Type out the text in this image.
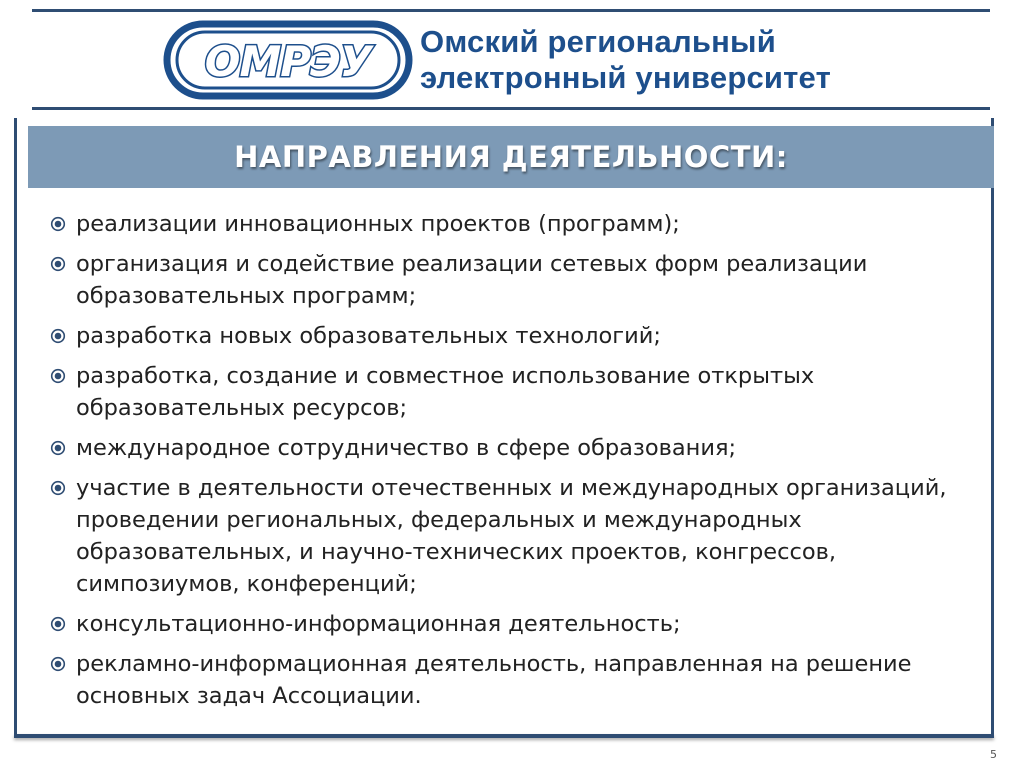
ОМРЭУ Омский региональный
электронный университет
НАПРАВЛЕНИЯ ДЕЯТЕЛЬНОСТИ:
реализации инновационных проектов (программ);
организация и содействие реализации сетевых форм реализации образовательных программ;
разработка новых образовательных технологий;
разработка, создание и совместное использование открытых образовательных ресурсов;
международное сотрудничество в сфере образования;
участие в деятельности отечественных и международных организаций, проведении региональных, федеральных и международных образовательных, и научно-технических проектов, конгрессов, симпозиумов, конференций;
консультационно-информационная деятельность;
рекламно-информационная деятельность, направленная на решение основных задач Ассоциации.
5
